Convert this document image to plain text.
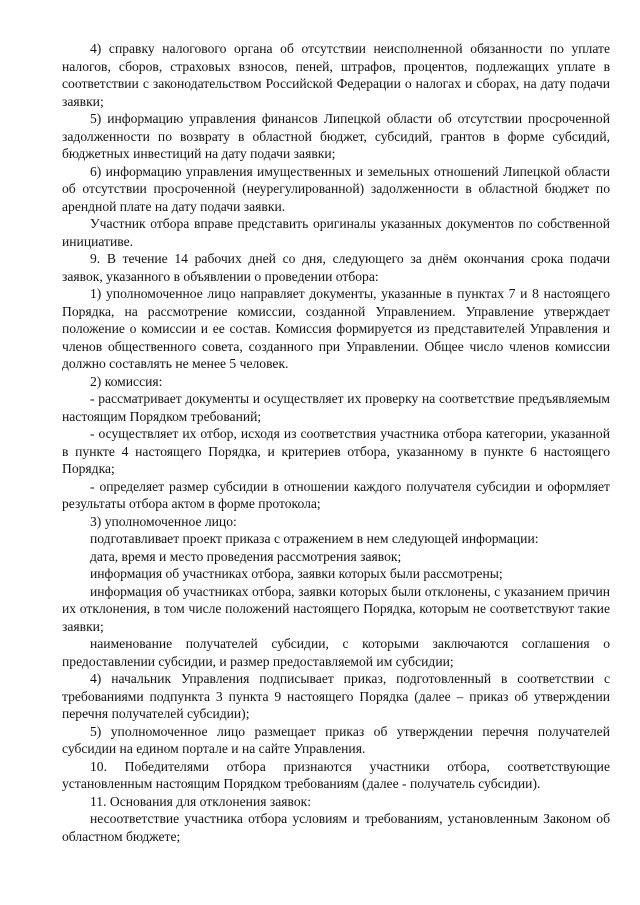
4) справку налогового органа об отсутствии неисполненной обязанности по уплате налогов, сборов, страховых взносов, пеней, штрафов, процентов, подлежащих уплате в соответствии с законодательством Российской Федерации о налогах и сборах, на дату подачи заявки;

5) информацию управления финансов Липецкой области об отсутствии просроченной задолженности по возврату в областной бюджет, субсидий, грантов в форме субсидий, бюджетных инвестиций на дату подачи заявки;

6) информацию управления имущественных и земельных отношений Липецкой области об отсутствии просроченной (неурегулированной) задолженности в областной бюджет по арендной плате на дату подачи заявки.

Участник отбора вправе представить оригиналы указанных документов по собственной инициативе.

9. В течение 14 рабочих дней со дня, следующего за днём окончания срока подачи заявок, указанного в объявлении о проведении отбора:

1) уполномоченное лицо направляет документы, указанные в пунктах 7 и 8 настоящего Порядка, на рассмотрение комиссии, созданной Управлением. Управление утверждает положение о комиссии и ее состав. Комиссия формируется из представителей Управления и членов общественного совета, созданного при Управлении. Общее число членов комиссии должно составлять не менее 5 человек.

2) комиссия:

- рассматривает документы и осуществляет их проверку на соответствие предъявляемым настоящим Порядком требований;

- осуществляет их отбор, исходя из соответствия участника отбора категории, указанной в пункте 4 настоящего Порядка, и критериев отбора, указанному в пункте 6 настоящего Порядка;

- определяет размер субсидии в отношении каждого получателя субсидии и оформляет результаты отбора актом в форме протокола;

3) уполномоченное лицо:

подготавливает проект приказа с отражением в нем следующей информации:

дата, время и место проведения рассмотрения заявок;

информация об участниках отбора, заявки которых были рассмотрены;

информация об участниках отбора, заявки которых были отклонены, с указанием причин их отклонения, в том числе положений настоящего Порядка, которым не соответствуют такие заявки;

наименование получателей субсидии, с которыми заключаются соглашения о предоставлении субсидии, и размер предоставляемой им субсидии;

4) начальник Управления подписывает приказ, подготовленный в соответствии с требованиями подпункта 3 пункта 9 настоящего Порядка (далее – приказ об утверждении перечня получателей субсидии);

5) уполномоченное лицо размещает приказ об утверждении перечня получателей субсидии на едином портале и на сайте Управления.

10. Победителями отбора признаются участники отбора, соответствующие установленным настоящим Порядком требованиям (далее - получатель субсидии).

11. Основания для отклонения заявок:

несоответствие участника отбора условиям и требованиям, установленным Законом об областном бюджете;
